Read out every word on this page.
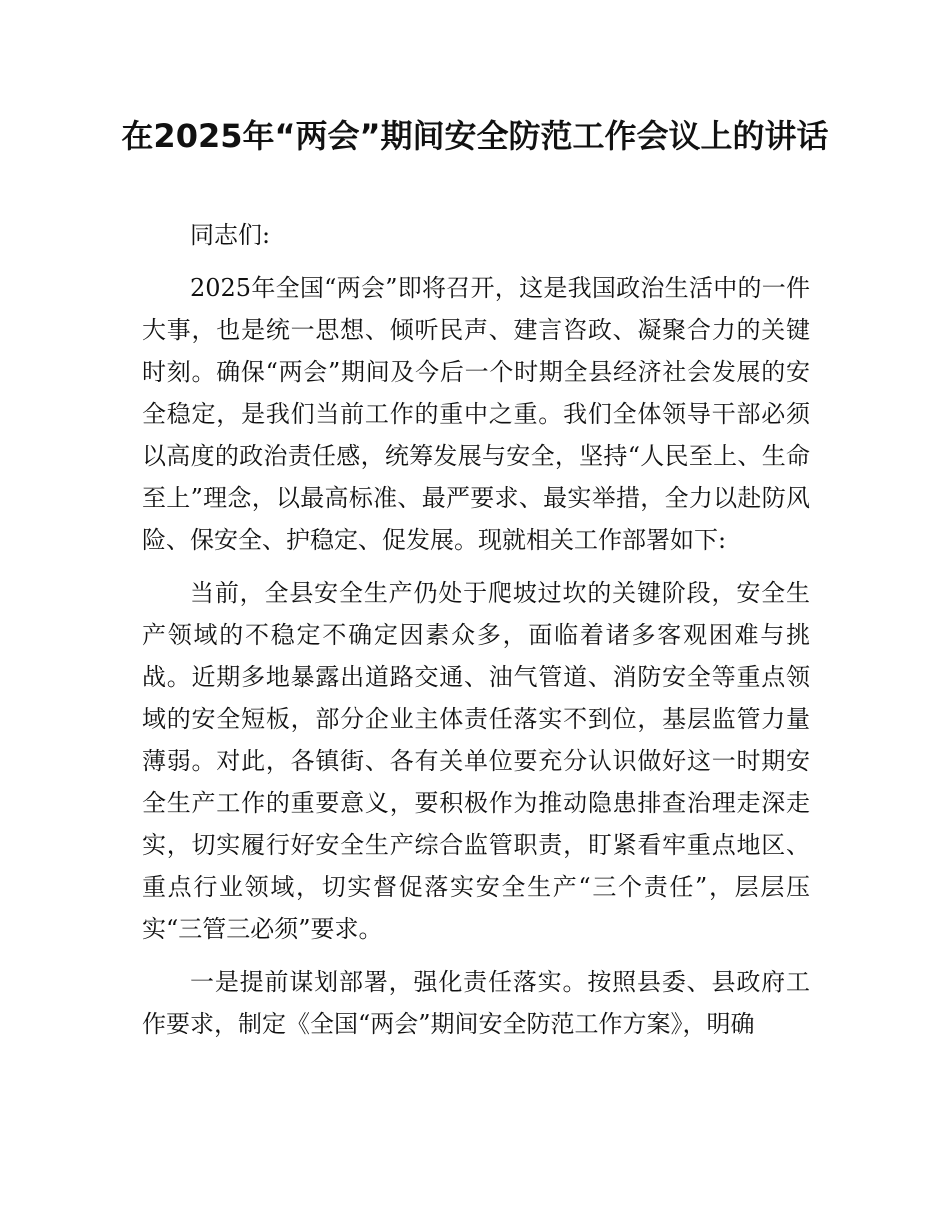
在2025年“两会”期间安全防范工作会议上的讲话

同志们:

2025年全国“两会”即将召开，这是我国政治生活中的一件大事，也是统一思想、倾听民声、建言咨政、凝聚合力的关键时刻。确保“两会”期间及今后一个时期全县经济社会发展的安全稳定，是我们当前工作的重中之重。我们全体领导干部必须以高度的政治责任感，统筹发展与安全，坚持“人民至上、生命至上”理念，以最高标准、最严要求、最实举措，全力以赴防风险、保安全、护稳定、促发展。现就相关工作部署如下:

当前，全县安全生产仍处于爬坡过坎的关键阶段，安全生产领域的不稳定不确定因素众多，面临着诸多客观困难与挑战。近期多地暴露出道路交通、油气管道、消防安全等重点领域的安全短板，部分企业主体责任落实不到位，基层监管力量薄弱。对此，各镇街、各有关单位要充分认识做好这一时期安全生产工作的重要意义，要积极作为推动隐患排查治理走深走实，切实履行好安全生产综合监管职责，盯紧看牢重点地区、重点行业领域，切实督促落实安全生产“三个责任”，层层压实“三管三必须”要求。

一是提前谋划部署，强化责任落实。按照县委、县政府工作要求，制定《全国“两会”期间安全防范工作方案》，明确
